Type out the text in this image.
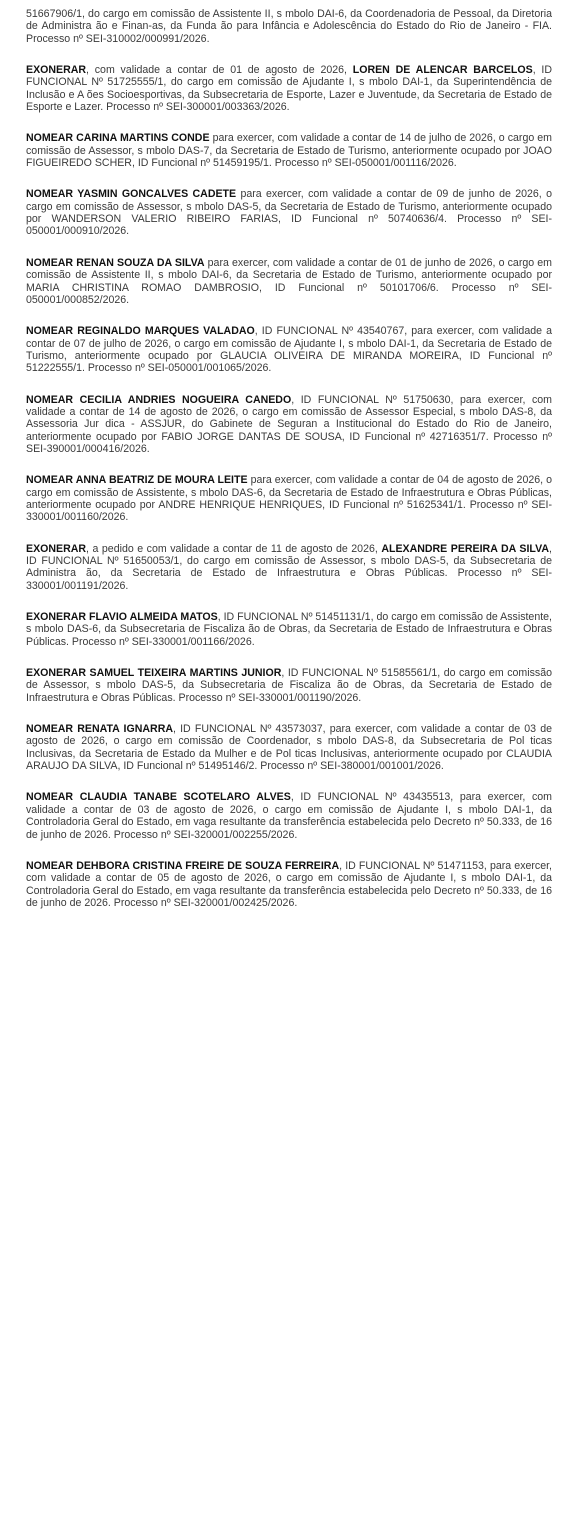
51667906/1, do cargo em comissão de Assistente II, s mbolo DAI-6, da Coordenadoria de Pessoal, da Diretoria de Administra ão e Finan-as, da Funda ão para Infância e Adolescência do Estado do Rio de Janeiro - FIA. Processo nº SEI-310002/000991/2026.

EXONERAR, com validade a contar de 01 de agosto de 2026, LOREN DE ALENCAR BARCELOS, ID FUNCIONAL Nº 51725555/1, do cargo em comissão de Ajudante I, s mbolo DAI-1, da Superintendência de Inclusão e A ões Socioesportivas, da Subsecretaria de Esporte, Lazer e Juventude, da Secretaria de Estado de Esporte e Lazer. Processo nº SEI-300001/003363/2026.

NOMEAR CARINA MARTINS CONDE para exercer, com validade a contar de 14 de julho de 2026, o cargo em comissão de Assessor, s mbolo DAS-7, da Secretaria de Estado de Turismo, anteriormente ocupado por JOAO FIGUEIREDO SCHER, ID Funcional nº 51459195/1. Processo nº SEI-050001/001116/2026.

NOMEAR YASMIN GONCALVES CADETE para exercer, com validade a contar de 09 de junho de 2026, o cargo em comissão de Assessor, s mbolo DAS-5, da Secretaria de Estado de Turismo, anteriormente ocupado por WANDERSON VALERIO RIBEIRO FARIAS, ID Funcional nº 50740636/4. Processo nº SEI-050001/000910/2026.

NOMEAR RENAN SOUZA DA SILVA para exercer, com validade a contar de 01 de junho de 2026, o cargo em comissão de Assistente II, s mbolo DAI-6, da Secretaria de Estado de Turismo, anteriormente ocupado por MARIA CHRISTINA ROMAO DAMBROSIO, ID Funcional nº 50101706/6. Processo nº SEI-050001/000852/2026.

NOMEAR REGINALDO MARQUES VALADAO, ID FUNCIONAL Nº 43540767, para exercer, com validade a contar de 07 de julho de 2026, o cargo em comissão de Ajudante I, s mbolo DAI-1, da Secretaria de Estado de Turismo, anteriormente ocupado por GLAUCIA OLIVEIRA DE MIRANDA MOREIRA, ID Funcional nº 51222555/1. Processo nº SEI-050001/001065/2026.

NOMEAR CECILIA ANDRIES NOGUEIRA CANEDO, ID FUNCIONAL Nº 51750630, para exercer, com validade a contar de 14 de agosto de 2026, o cargo em comissão de Assessor Especial, s mbolo DAS-8, da Assessoria Jur dica - ASSJUR, do Gabinete de Seguran a Institucional do Estado do Rio de Janeiro, anteriormente ocupado por FABIO JORGE DANTAS DE SOUSA, ID Funcional nº 42716351/7. Processo nº SEI-390001/000416/2026.

NOMEAR ANNA BEATRIZ DE MOURA LEITE para exercer, com validade a contar de 04 de agosto de 2026, o cargo em comissão de Assistente, s mbolo DAS-6, da Secretaria de Estado de Infraestrutura e Obras Públicas, anteriormente ocupado por ANDRE HENRIQUE HENRIQUES, ID Funcional nº 51625341/1. Processo nº SEI-330001/001160/2026.

EXONERAR, a pedido e com validade a contar de 11 de agosto de 2026, ALEXANDRE PEREIRA DA SILVA, ID FUNCIONAL Nº 51650053/1, do cargo em comissão de Assessor, s mbolo DAS-5, da Subsecretaria de Administra ão, da Secretaria de Estado de Infraestrutura e Obras Públicas. Processo nº SEI-330001/001191/2026.

EXONERAR FLAVIO ALMEIDA MATOS, ID FUNCIONAL Nº 51451131/1, do cargo em comissão de Assistente, s mbolo DAS-6, da Subsecretaria de Fiscaliza ão de Obras, da Secretaria de Estado de Infraestrutura e Obras Públicas. Processo nº SEI-330001/001166/2026.

EXONERAR SAMUEL TEIXEIRA MARTINS JUNIOR, ID FUNCIONAL Nº 51585561/1, do cargo em comissão de Assessor, s mbolo DAS-5, da Subsecretaria de Fiscaliza ão de Obras, da Secretaria de Estado de Infraestrutura e Obras Públicas. Processo nº SEI-330001/001190/2026.

NOMEAR RENATA IGNARRA, ID FUNCIONAL Nº 43573037, para exercer, com validade a contar de 03 de agosto de 2026, o cargo em comissão de Coordenador, s mbolo DAS-8, da Subsecretaria de Pol ticas Inclusivas, da Secretaria de Estado da Mulher e de Pol ticas Inclusivas, anteriormente ocupado por CLAUDIA ARAUJO DA SILVA, ID Funcional nº 51495146/2. Processo nº SEI-380001/001001/2026.

NOMEAR CLAUDIA TANABE SCOTELARO ALVES, ID FUNCIONAL Nº 43435513, para exercer, com validade a contar de 03 de agosto de 2026, o cargo em comissão de Ajudante I, s mbolo DAI-1, da Controladoria Geral do Estado, em vaga resultante da transferência estabelecida pelo Decreto nº 50.333, de 16 de junho de 2026. Processo nº SEI-320001/002255/2026.

NOMEAR DEHBORA CRISTINA FREIRE DE SOUZA FERREIRA, ID FUNCIONAL Nº 51471153, para exercer, com validade a contar de 05 de agosto de 2026, o cargo em comissão de Ajudante I, s mbolo DAI-1, da Controladoria Geral do Estado, em vaga resultante da transferência estabelecida pelo Decreto nº 50.333, de 16 de junho de 2026. Processo nº SEI-320001/002425/2026.
